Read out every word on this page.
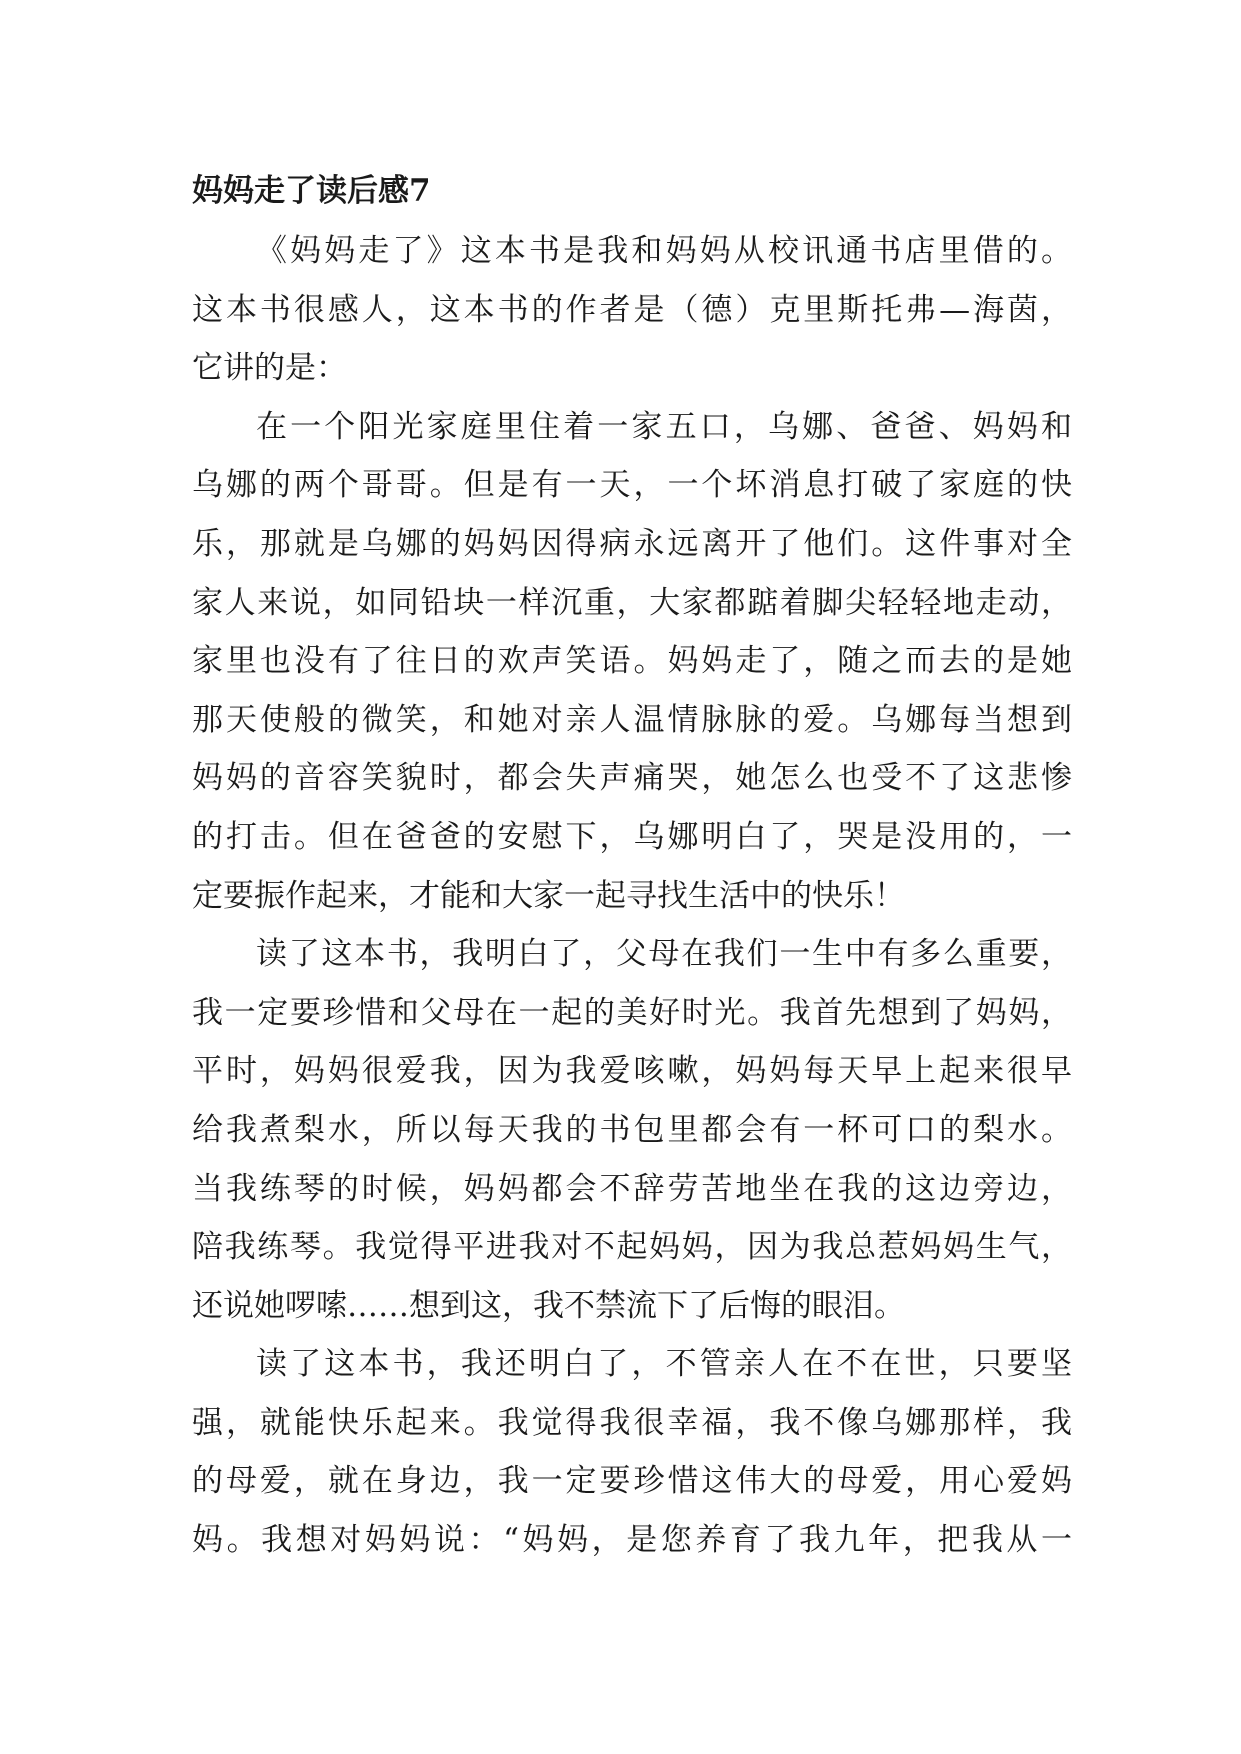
妈妈走了读后感7

《妈妈走了》这本书是我和妈妈从校讯通书店里借的。
这本书很感人，这本书的作者是（德）克里斯托弗—海茵，
它讲的是：

在一个阳光家庭里住着一家五口，乌娜、爸爸、妈妈和
乌娜的两个哥哥。但是有一天，一个坏消息打破了家庭的快
乐，那就是乌娜的妈妈因得病永远离开了他们。这件事对全
家人来说，如同铅块一样沉重，大家都踮着脚尖轻轻地走动，
家里也没有了往日的欢声笑语。妈妈走了，随之而去的是她
那天使般的微笑，和她对亲人温情脉脉的爱。乌娜每当想到
妈妈的音容笑貌时，都会失声痛哭，她怎么也受不了这悲惨
的打击。但在爸爸的安慰下，乌娜明白了，哭是没用的，一
定要振作起来，才能和大家一起寻找生活中的快乐！

读了这本书，我明白了，父母在我们一生中有多么重要，
我一定要珍惜和父母在一起的美好时光。我首先想到了妈妈，
平时，妈妈很爱我，因为我爱咳嗽，妈妈每天早上起来很早
给我煮梨水，所以每天我的书包里都会有一杯可口的梨水。
当我练琴的时候，妈妈都会不辞劳苦地坐在我的这边旁边，
陪我练琴。我觉得平进我对不起妈妈，因为我总惹妈妈生气，
还说她啰嗦……想到这，我不禁流下了后悔的眼泪。

读了这本书，我还明白了，不管亲人在不在世，只要坚
强，就能快乐起来。我觉得我很幸福，我不像乌娜那样，我
的母爱，就在身边，我一定要珍惜这伟大的母爱，用心爱妈
妈。我想对妈妈说：“妈妈，是您养育了我九年，把我从一
